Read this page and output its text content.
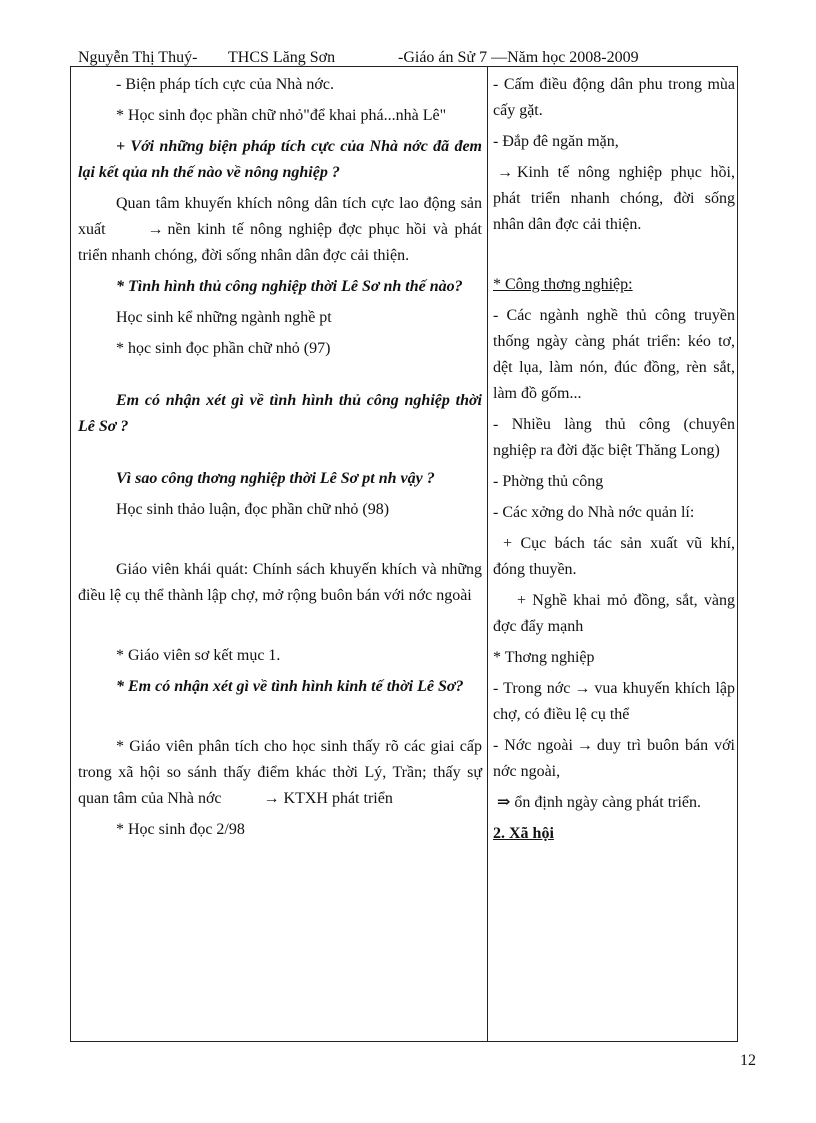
Nguyễn Thị Thuý- THCS Lăng Sơn	-Giáo án Sử 7 —Năm học 2008-2009

- Biện pháp tích cực của Nhà nớc.

* Học sinh đọc phần chữ nhỏ"để khai phá...nhà Lê"

+ Với những biện pháp tích cực của Nhà nớc đã đem lại kết qủa nh thế nào về nông nghiệp ?

Quan tâm khuyến khích nông dân tích cực lao động sản xuất	→ nền kinh tế nông nghiệp đợc phục hồi và phát triển nhanh chóng, đời sống nhân dân đợc cải thiện.

* Tình hình thủ công nghiệp thời Lê Sơ nh thế nào?

Học sinh kể những ngành nghề pt

* học sinh đọc phần chữ nhỏ (97)

Em có nhận xét gì về tình hình thủ công nghiệp thời Lê Sơ ?

Vì sao công thơng nghiệp thời Lê Sơ pt nh vậy ?

Học sinh thảo luận, đọc phần chữ nhỏ (98)

Giáo viên khái quát: Chính sách khuyến khích và những điều lệ cụ thể thành lập chợ, mở rộng buôn bán với nớc ngoài

* Giáo viên sơ kết mục 1.

* Em có nhận xét gì về tình hình kinh tế thời Lê Sơ?

* Giáo viên phân tích cho học sinh thấy rõ các giai cấp trong xã hội so sánh thấy điểm khác thời Lý, Trần; thấy sự quan tâm của Nhà nớc	→ KTXH phát triển

* Học sinh đọc 2/98

- Cấm điều động dân phu trong mùa cấy gặt.

- Đắp đê ngăn mặn,

→ Kinh tế nông nghiệp phục hồi, phát triển nhanh chóng, đời sống nhân dân đợc cải thiện.

* Công thơng nghiệp:

- Các ngành nghề thủ công truyền thống ngày càng phát triển: kéo tơ, dệt lụa, làm nón, đúc đồng, rèn sắt, làm đồ gốm...

- Nhiều làng thủ công (chuyên nghiệp ra đời đặc biệt Thăng Long)

- Phờng thủ công

- Các xởng do Nhà nớc quản lí:

+ Cục bách tác sản xuất vũ khí, đóng thuyền.

+ Nghề khai mỏ đồng, sắt, vàng đợc đẩy mạnh

* Thơng nghiệp

- Trong nớc → vua khuyến khích lập chợ, có điều lệ cụ thể

- Nớc ngoài → duy trì buôn bán với nớc ngoài,

⇒ ổn định ngày càng phát triển.

2. Xã hội

12
